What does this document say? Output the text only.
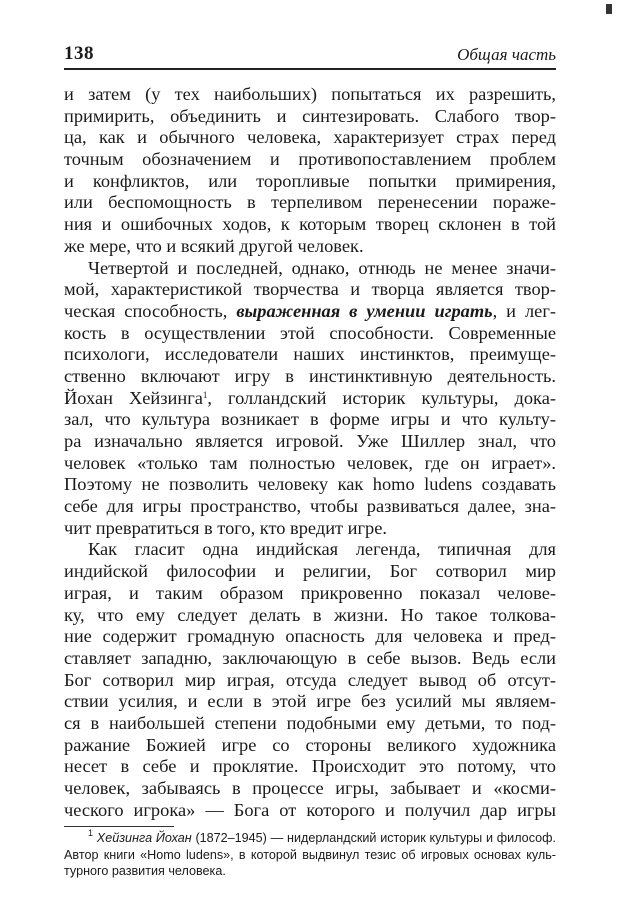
138	Общая часть
и затем (у тех наибольших) попытаться их разрешить,
примирить, объединить и синтезировать. Слабого твор-
ца, как и обычного человека, характеризует страх перед
точным обозначением и противопоставлением проблем
и конфликтов, или торопливые попытки примирения,
или беспомощность в терпеливом перенесении пораже-
ния и ошибочных ходов, к которым творец склонен в той
же мере, что и всякий другой человек.
Четвертой и последней, однако, отнюдь не менее значи-
мой, характеристикой творчества и творца является твор-
ческая способность, выраженная в умении играть, и лег-
кость в осуществлении этой способности. Современные
психологи, исследователи наших инстинктов, преимуще-
ственно включают игру в инстинктивную деятельность.
Йохан Хейзинга$^1$, голландский историк культуры, дока-
зал, что культура возникает в форме игры и что культу-
ра изначально является игровой. Уже Шиллер знал, что
человек «только там полностью человек, где он играет».
Поэтому не позволить человеку как homo ludens создавать
себе для игры пространство, чтобы развиваться далее, зна-
чит превратиться в того, кто вредит игре.
Как гласит одна индийская легенда, типичная для
индийской философии и религии, Бог сотворил мир
играя, и таким образом прикровенно показал челове-
ку, что ему следует делать в жизни. Но такое толкова-
ние содержит громадную опасность для человека и пред-
ставляет западню, заключающую в себе вызов. Ведь если
Бог сотворил мир играя, отсуда следует вывод об отсут-
ствии усилия, и если в этой игре без усилий мы являем-
ся в наибольшей степени подобными ему детьми, то под-
ражание Божией игре со стороны великого художника
несет в себе и проклятие. Происходит это потому, что
человек, забываясь в процессе игры, забывает и «косми-
ческого игрока» — Бога от которого и получил дар игры
$^1$ Хейзинга Йохан (1872–1945) — нидерландский историк культуры и философ.
Автор книги «Homo ludens», в которой выдвинул тезис об игровых основах куль-
турного развития человека.
